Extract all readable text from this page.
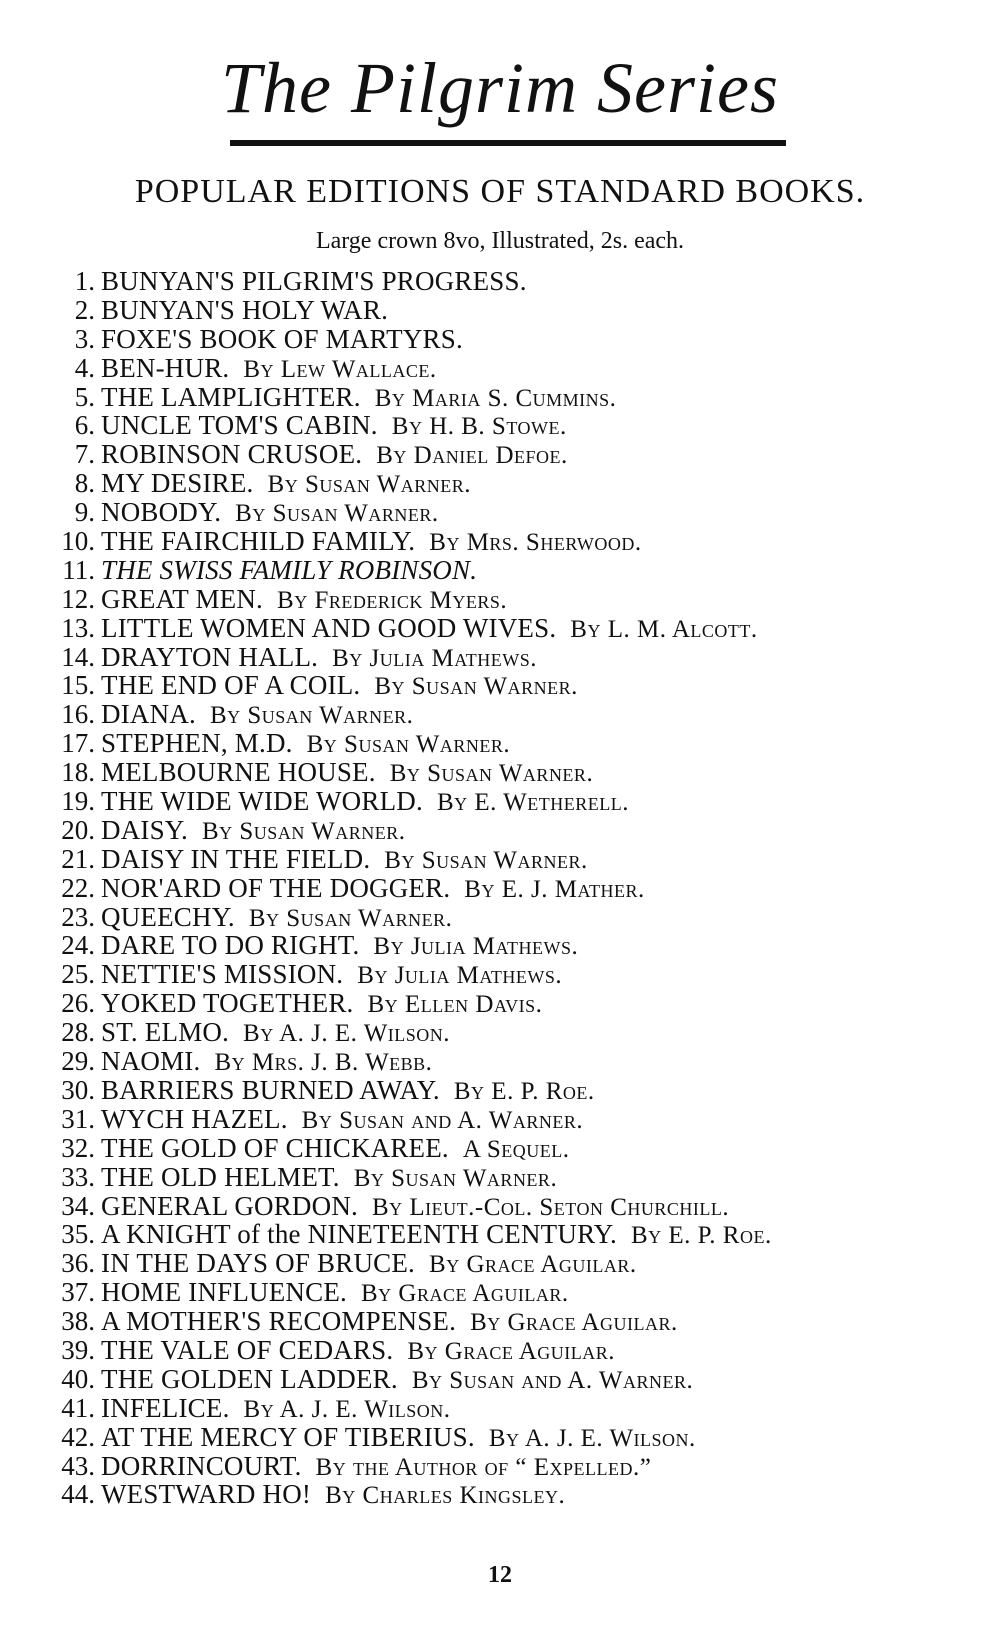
The Pilgrim Series
POPULAR EDITIONS OF STANDARD BOOKS.
Large crown 8vo, Illustrated, 2s. each.
1. BUNYAN'S PILGRIM'S PROGRESS.
2. BUNYAN'S HOLY WAR.
3. FOXE'S BOOK OF MARTYRS.
4. BEN-HUR. By Lew Wallace.
5. THE LAMPLIGHTER. By Maria S. Cummins.
6. UNCLE TOM'S CABIN. By H. B. Stowe.
7. ROBINSON CRUSOE. By Daniel Defoe.
8. MY DESIRE. By Susan Warner.
9. NOBODY. By Susan Warner.
10. THE FAIRCHILD FAMILY. By Mrs. Sherwood.
11. THE SWISS FAMILY ROBINSON.
12. GREAT MEN. By Frederick Myers.
13. LITTLE WOMEN AND GOOD WIVES. By L. M. Alcott.
14. DRAYTON HALL. By Julia Mathews.
15. THE END OF A COIL. By Susan Warner.
16. DIANA. By Susan Warner.
17. STEPHEN, M.D. By Susan Warner.
18. MELBOURNE HOUSE. By Susan Warner.
19. THE WIDE WIDE WORLD. By E. Wetherell.
20. DAISY. By Susan Warner.
21. DAISY IN THE FIELD. By Susan Warner.
22. NOR'ARD OF THE DOGGER. By E. J. Mather.
23. QUEECHY. By Susan Warner.
24. DARE TO DO RIGHT. By Julia Mathews.
25. NETTIE'S MISSION. By Julia Mathews.
26. YOKED TOGETHER. By Ellen Davis.
28. ST. ELMO. By A. J. E. Wilson.
29. NAOMI. By Mrs. J. B. Webb.
30. BARRIERS BURNED AWAY. By E. P. Roe.
31. WYCH HAZEL. By Susan and A. Warner.
32. THE GOLD OF CHICKAREE. A Sequel.
33. THE OLD HELMET. By Susan Warner.
34. GENERAL GORDON. By Lieut.-Col. Seton Churchill.
35. A KNIGHT of the NINETEENTH CENTURY. By E. P. Roe.
36. IN THE DAYS OF BRUCE. By Grace Aguilar.
37. HOME INFLUENCE. By Grace Aguilar.
38. A MOTHER'S RECOMPENSE. By Grace Aguilar.
39. THE VALE OF CEDARS. By Grace Aguilar.
40. THE GOLDEN LADDER. By Susan and A. Warner.
41. INFELICE. By A. J. E. Wilson.
42. AT THE MERCY OF TIBERIUS. By A. J. E. Wilson.
43. DORRINCOURT. By the Author of “ Expelled.”
44. WESTWARD HO! By Charles Kingsley.
12
